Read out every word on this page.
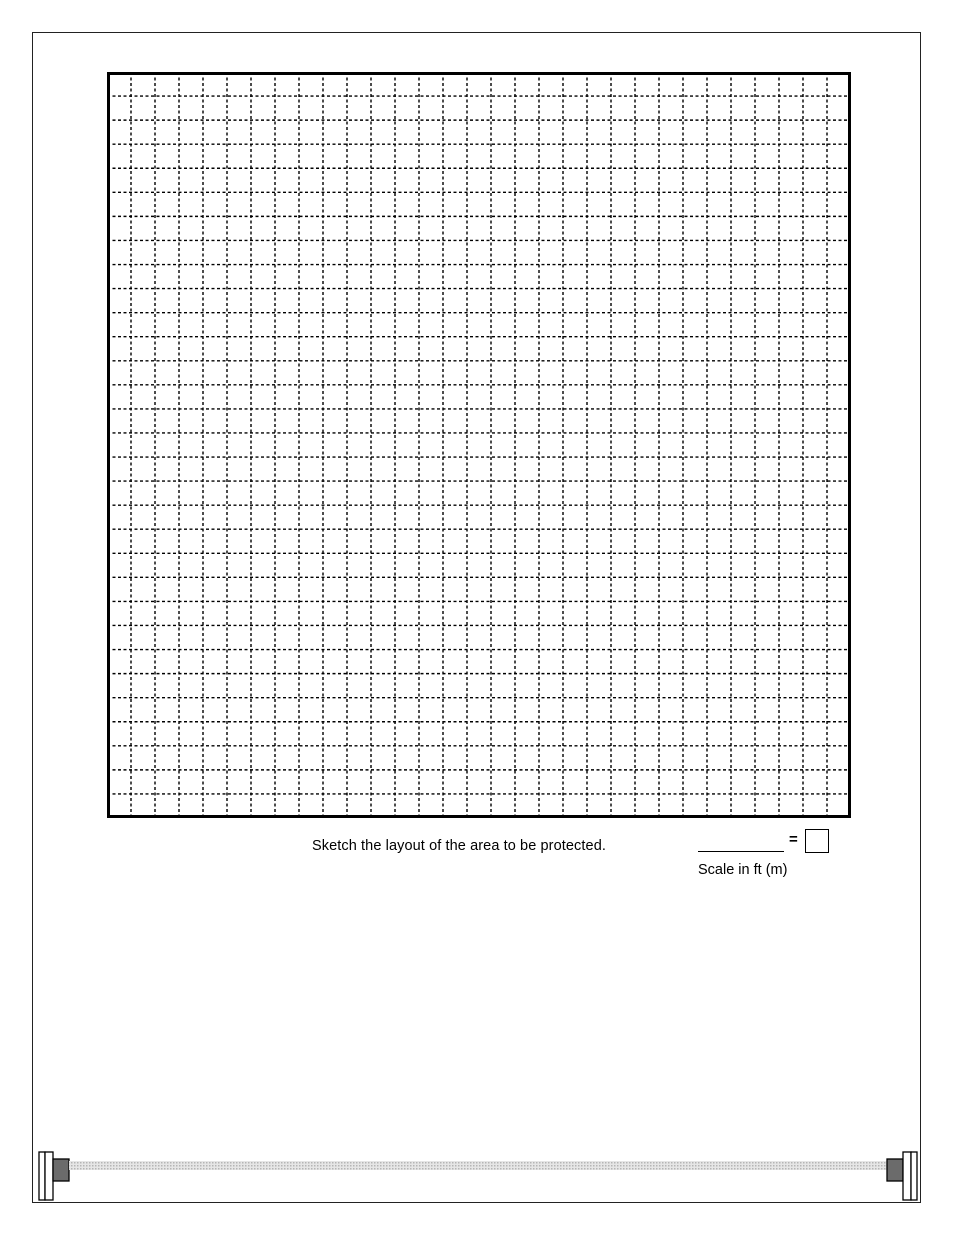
Sketch the layout of the area to be protected.	=
Scale in ft (m)
